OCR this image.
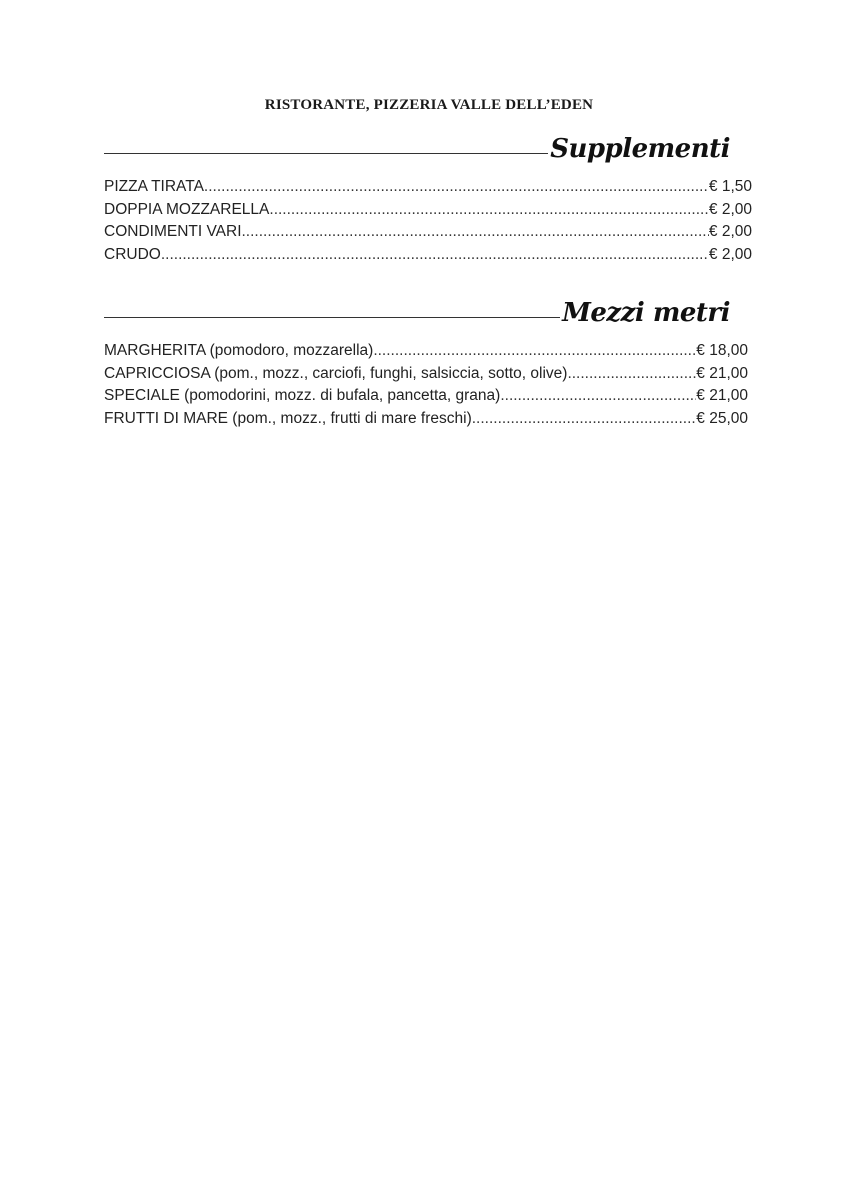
RISTORANTE, PIZZERIA VALLE DELL’EDEN
Supplementi
PIZZA TIRATA .....	€ 1,50
DOPPIA MOZZARELLA .....	€ 2,00
CONDIMENTI VARI .....	€ 2,00
CRUDO .....	€ 2,00
Mezzi metri
MARGHERITA (pomodoro, mozzarella) .....	€ 18,00
CAPRICCIOSA (pom., mozz., carciofi, funghi, salsiccia, sotto, olive) .....	€ 21,00
SPECIALE (pomodorini, mozz. di bufala, pancetta, grana) .....	€ 21,00
FRUTTI DI MARE (pom., mozz., frutti di mare freschi) .....	€ 25,00
